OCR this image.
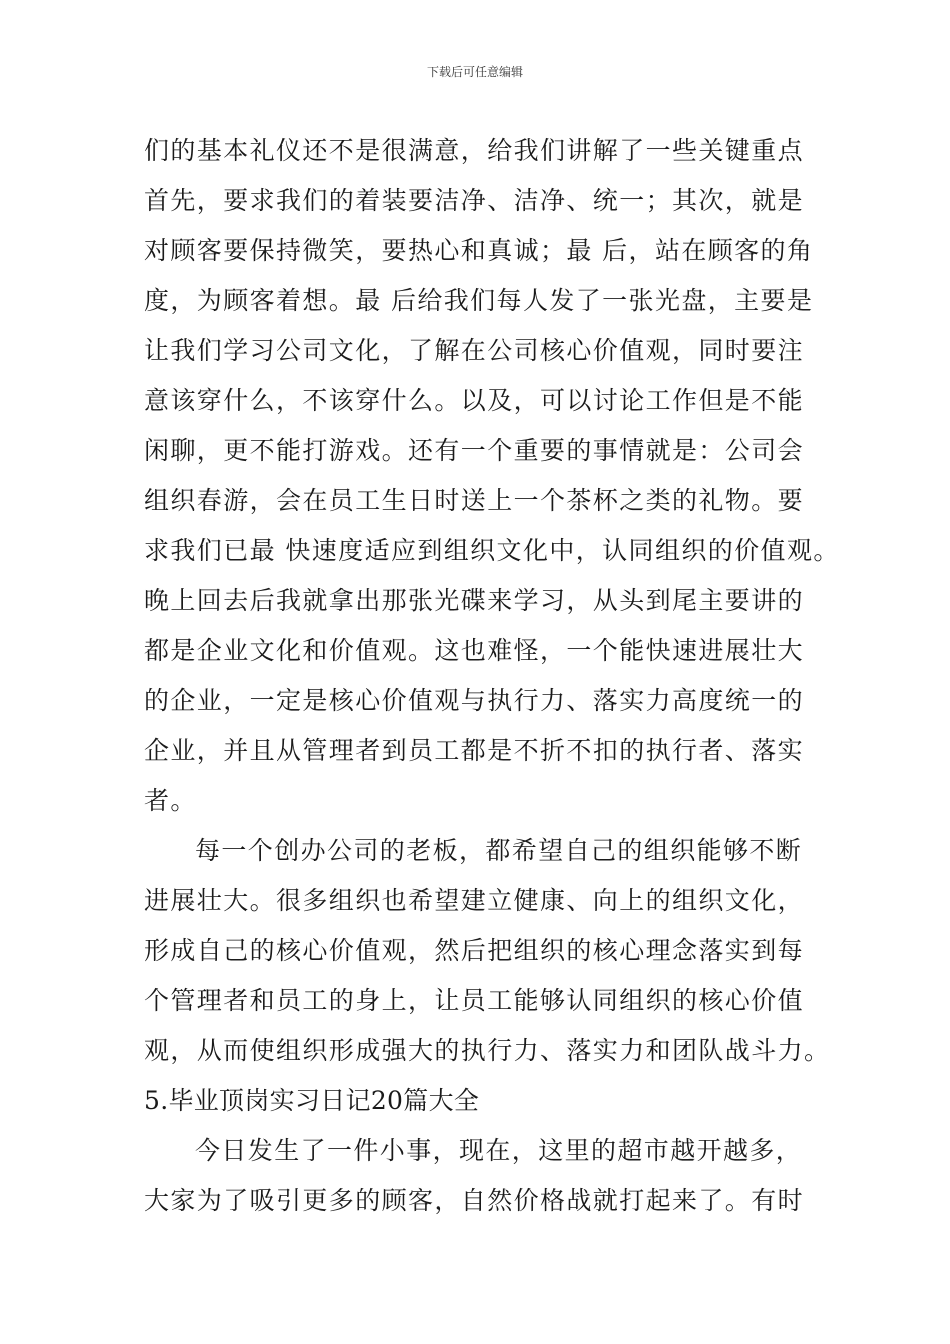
下载后可任意编辑
们的基本礼仪还不是很满意，给我们讲解了一些关键重点
首先，要求我们的着装要洁净、洁净、统一；其次，就是
对顾客要保持微笑，要热心和真诚；最 后，站在顾客的角
度，为顾客着想。最 后给我们每人发了一张光盘，主要是
让我们学习公司文化，了解在公司核心价值观，同时要注
意该穿什么，不该穿什么。以及，可以讨论工作但是不能
闲聊，更不能打游戏。还有一个重要的事情就是：公司会
组织春游，会在员工生日时送上一个茶杯之类的礼物。要
求我们已最 快速度适应到组织文化中，认同组织的价值观。
晚上回去后我就拿出那张光碟来学习，从头到尾主要讲的
都是企业文化和价值观。这也难怪，一个能快速进展壮大
的企业，一定是核心价值观与执行力、落实力高度统一的
企业，并且从管理者到员工都是不折不扣的执行者、落实
者。
每一个创办公司的老板，都希望自己的组织能够不断
进展壮大。很多组织也希望建立健康、向上的组织文化，
形成自己的核心价值观，然后把组织的核心理念落实到每
个管理者和员工的身上，让员工能够认同组织的核心价值
观，从而使组织形成强大的执行力、落实力和团队战斗力。
5.毕业顶岗实习日记20篇大全
今日发生了一件小事，现在，这里的超市越开越多，
大家为了吸引更多的顾客，自然价格战就打起来了。有时
